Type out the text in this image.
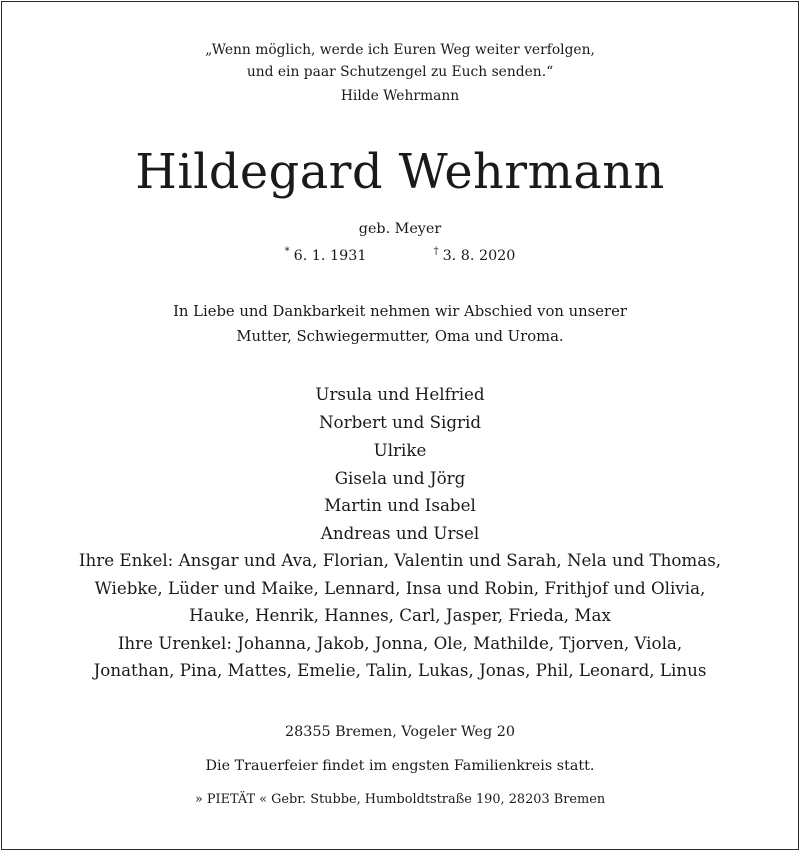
„Wenn möglich, werde ich Euren Weg weiter verfolgen,
und ein paar Schutzengel zu Euch senden.“
Hilde Wehrmann
Hildegard Wehrmann
geb. Meyer
* 6. 1. 1931	† 3. 8. 2020
In Liebe und Dankbarkeit nehmen wir Abschied von unserer
Mutter, Schwiegermutter, Oma und Uroma.
Ursula und Helfried
Norbert und Sigrid
Ulrike
Gisela und Jörg
Martin und Isabel
Andreas und Ursel
Ihre Enkel: Ansgar und Ava, Florian, Valentin und Sarah, Nela und Thomas,
Wiebke, Lüder und Maike, Lennard, Insa und Robin, Frithjof und Olivia,
Hauke, Henrik, Hannes, Carl, Jasper, Frieda, Max
Ihre Urenkel: Johanna, Jakob, Jonna, Ole, Mathilde, Tjorven, Viola,
Jonathan, Pina, Mattes, Emelie, Talin, Lukas, Jonas, Phil, Leonard, Linus
28355 Bremen, Vogeler Weg 20
Die Trauerfeier findet im engsten Familienkreis statt.
» PIETÄT « Gebr. Stubbe, Humboldtstraße 190, 28203 Bremen
